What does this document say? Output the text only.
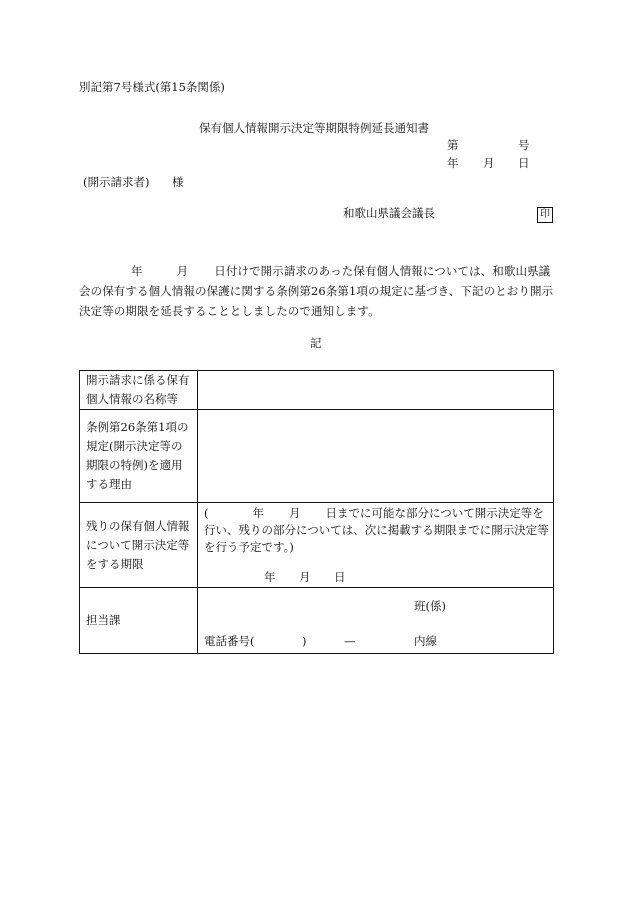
別記第7号様式(第15条関係)
保有個人情報開示決定等期限特例延長通知書
第	号
年 月 日
(開示請求者) 様
和歌山県議会議長	印
年	月 日付けで開示請求のあった保有個人情報については、和歌山県議会の保有する個人情報の保護に関する条例第26条第1項の規定に基づき、下記のとおり開示決定等の期限を延長することとしましたので通知します。
記
開示請求に係る保有個人情報の名称等	
条例第26条第1項の規定(開示決定等の期限の特例)を適用する理由	
残りの保有個人情報について開示決定等をする期限	( 年 月 日までに可能な部分について開示決定等を行い、残りの部分については、次に掲載する期限までに開示決定等を行う予定です。)
年 月 日

担当課	班(係)
電話番号( ) — 内線
